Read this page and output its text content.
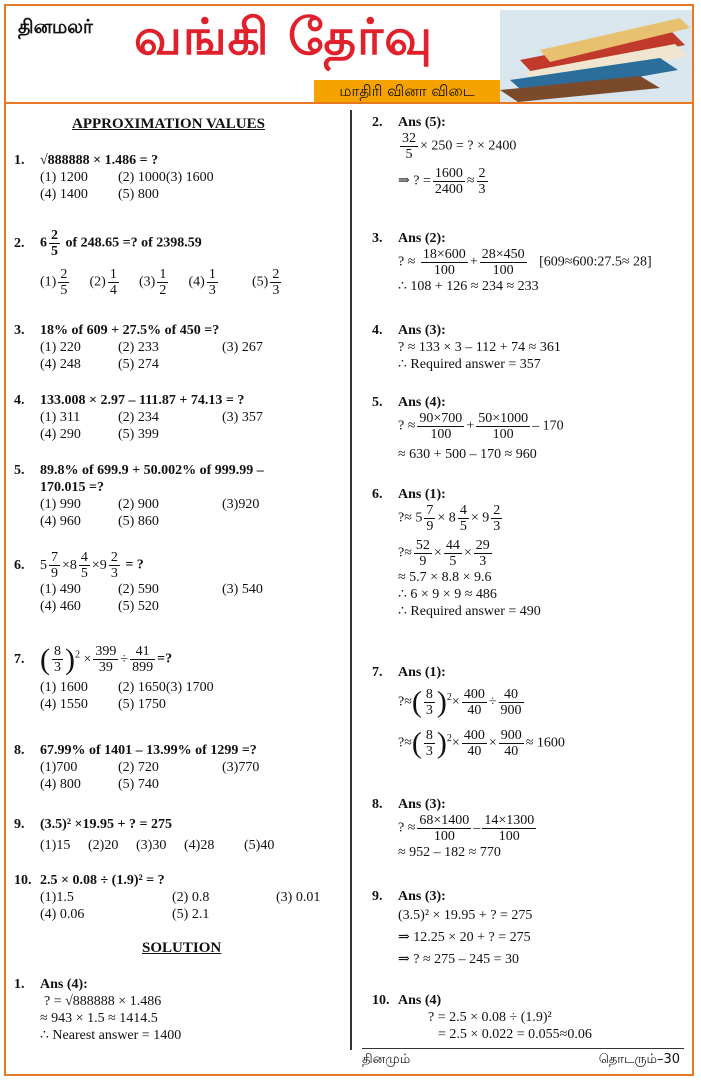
தினமலர் வங்கி தேர்வு
மாதிரி வினா விடை
APPROXIMATION VALUES
1. √888888 × 1.486 = ?
(1) 1200 (2) 1000(3) 1600
(4) 1400 (5) 800
2. $6 \frac{2}{5}$ of 248.65 =? of 2398.59
$(1) \frac{2}{5} (2) \frac{1}{4} (3) \frac{1}{2} (4) \frac{1}{3} (5) \frac{2}{3}$
3. 18% of 609 + 27.5% of 450 =?
(1) 220	(2) 233	(3) 267
(4) 248	(5) 274
4. 133.008 × 2.97 – 111.87 + 74.13 = ?
(1) 311	(2) 234	(3) 357
(4) 290	(5) 399
5. 89.8% of 699.9 + 50.002% of 999.99 –
170.015 =?
(1) 990	(2) 900	(3)920
(4) 960	(5) 860
6. $5 \frac{7}{9} \times 8 \frac{4}{5} \times 9 \frac{2}{3}$ = ?
(1) 490	(2) 590	(3) 540
(4) 460	(5) 520
7. ( $\frac{8}{3} )^2 \times \frac{399}{39} \div \frac{41}{899}$ =?
(1) 1600 (2) 1650(3) 1700
(4) 1550 (5) 1750
8. 67.99% of 1401 – 13.99% of 1299 =?
(1)700	(2) 720	(3)770
(4) 800	(5) 740
9. (3.5)² ×19.95 + ? = 275
(1)15 (2)20 (3)30 (4)28 (5)40
10. 2.5 × 0.08 ÷ (1.9)² = ?
(1)1.5	(2) 0.8	(3) 0.01
(4) 0.06	(5) 2.1
SOLUTION
1. Ans (4):
? = √888888 × 1.486
≈ 943 × 1.5 ≈ 1414.5
∴ Nearest answer = 1400
2. Ans (5):
$\frac{32}{5} \times 250$ = ? × 2400
⇒ ? = $\frac{1600}{2400} \approx \frac{2}{3}$
3. Ans (2):
? ≈ $\frac{18\times 600}{100} + \frac{28\times 450}{100}$ [609≈600:27.5≈ 28]
∴ 108 + 126 ≈ 234 ≈ 233
4. Ans (3):
? ≈ 133 × 3 – 112 + 74 ≈ 361
∴ Required answer = 357
5. Ans (4):
? ≈ $\frac{90\times 700}{100} + \frac{50\times 1000}{100} - 170$
≈ 630 + 500 – 170 ≈ 960
6. Ans (1):
?≈ $5 \frac{7}{9} \times 8 \frac{4}{5} \times 9 \frac{2}{3}$
?≈ $\frac{52}{9} \times \frac{44}{5} \times \frac{29}{3}$
≈ 5.7 × 8.8 × 9.6
∴ 6 × 9 × 9 ≈ 486
∴ Required answer = 490
7. Ans (1):
?≈( $\frac{8}{3} )^2\times \frac{400}{40} \div \frac{40}{900}$
?≈( $\frac{8}{3} )^2\times \frac{400}{40} \times \frac{900}{40} \approx 1600$
8. Ans (3):
? ≈ $\frac{68\times 1400}{100} - \frac{14\times 1300}{100}$
≈ 952 – 182 ≈ 770
9. Ans (3):
(3.5)² × 19.95 + ? = 275
⇒ 12.25 × 20 + ? = 275
⇒ ? ≈ 275 – 245 = 30
10. Ans (4)
? = 2.5 × 0.08 ÷ (1.9)²
= 2.5 × 0.022 = 0.055≈0.06
தினமும்	தொடரும்–30
